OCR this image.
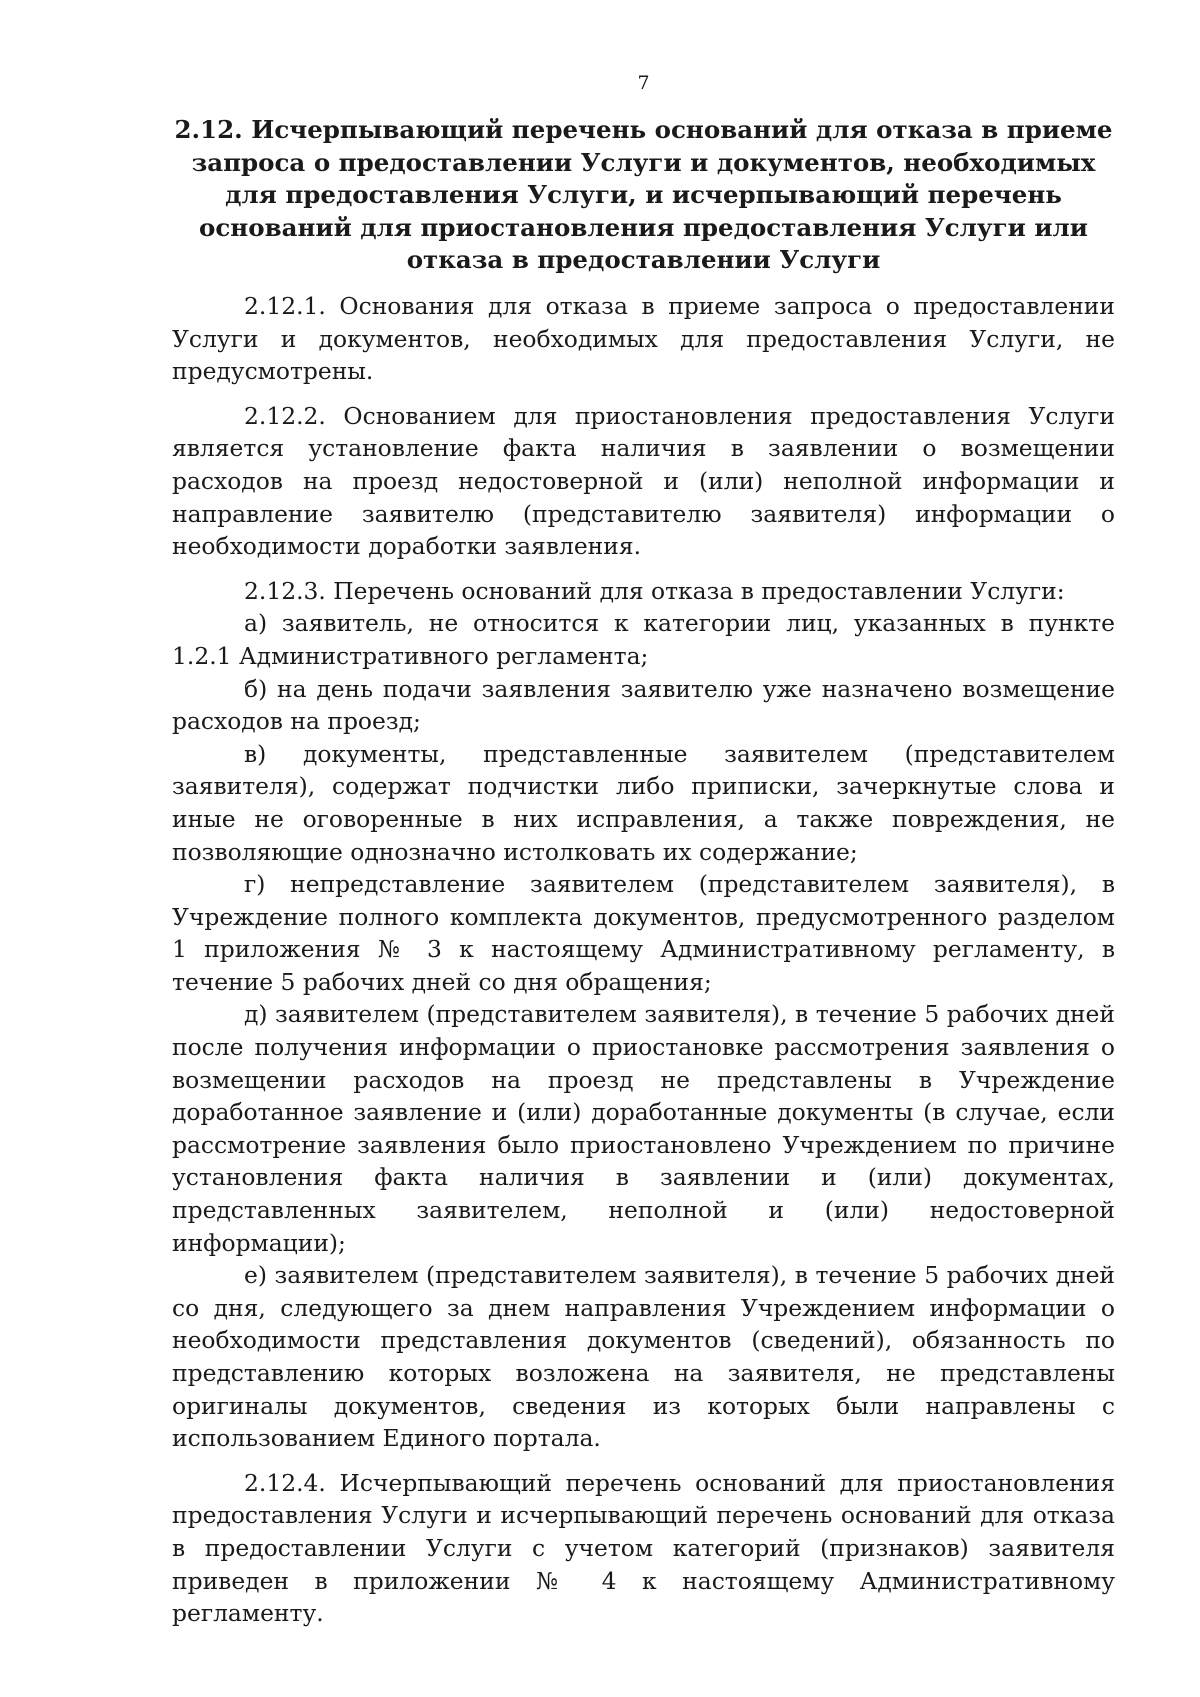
7

2.12. Исчерпывающий перечень оснований для отказа в приеме запроса о предоставлении Услуги и документов, необходимых для предоставления Услуги, и исчерпывающий перечень оснований для приостановления предоставления Услуги или отказа в предоставлении Услуги

2.12.1. Основания для отказа в приеме запроса о предоставлении Услуги и документов, необходимых для предоставления Услуги, не предусмотрены.

2.12.2. Основанием для приостановления предоставления Услуги является установление факта наличия в заявлении о возмещении расходов на проезд недостоверной и (или) неполной информации и направление заявителю (представителю заявителя) информации о необходимости доработки заявления.

2.12.3. Перечень оснований для отказа в предоставлении Услуги:

а) заявитель, не относится к категории лиц, указанных в пункте 1.2.1 Административного регламента;

б) на день подачи заявления заявителю уже назначено возмещение расходов на проезд;

в) документы, представленные заявителем (представителем заявителя), содержат подчистки либо приписки, зачеркнутые слова и иные не оговоренные в них исправления, а также повреждения, не позволяющие однозначно истолковать их содержание;

г) непредставление заявителем (представителем заявителя), в Учреждение полного комплекта документов, предусмотренного разделом 1 приложения № 3 к настоящему Административному регламенту, в течение 5 рабочих дней со дня обращения;

д) заявителем (представителем заявителя), в течение 5 рабочих дней после получения информации о приостановке рассмотрения заявления о возмещении расходов на проезд не представлены в Учреждение доработанное заявление и (или) доработанные документы (в случае, если рассмотрение заявления было приостановлено Учреждением по причине установления факта наличия в заявлении и (или) документах, представленных заявителем, неполной и (или) недостоверной информации);

е) заявителем (представителем заявителя), в течение 5 рабочих дней со дня, следующего за днем направления Учреждением информации о необходимости представления документов (сведений), обязанность по представлению которых возложена на заявителя, не представлены оригиналы документов, сведения из которых были направлены с использованием Единого портала.

2.12.4. Исчерпывающий перечень оснований для приостановления предоставления Услуги и исчерпывающий перечень оснований для отказа в предоставлении Услуги с учетом категорий (признаков) заявителя приведен в приложении № 4 к настоящему Административному регламенту.
